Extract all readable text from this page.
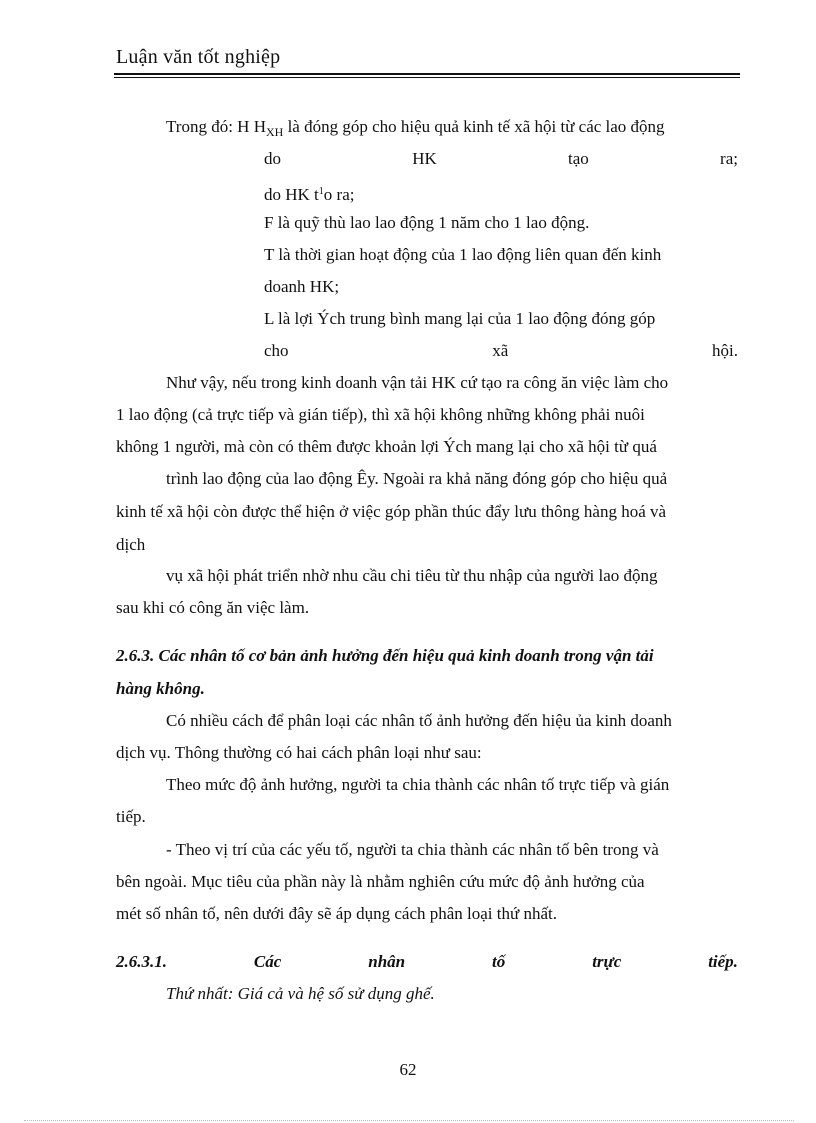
Luận văn tốt nghiệp
Trong đó: H $H_{XH}$ là đóng góp cho hiệu quả kinh tế xã hội từ các lao động
do	HK	tạo	ra;
do HK $t^1o$ ra;
F là quỹ thù lao lao động 1 năm cho 1 lao động.
T là thời gian hoạt động của 1 lao động liên quan đến kinh
doanh HK;
L là lợi Ých trung bình mang lại của 1 lao động đóng góp
cho	xã	hội.
Như vậy, nếu trong kinh doanh vận tải HK cứ tạo ra công ăn việc làm cho
1 lao động (cả trực tiếp và gián tiếp), thì xã hội không những không phải nuôi
không 1 người, mà còn có thêm được khoản lợi Ých mang lại cho xã hội từ quá
trình lao động của lao động Êy. Ngoài ra khả năng đóng góp cho hiệu quả
kinh tế xã hội còn được thể hiện ở việc góp phần thúc đẩy lưu thông hàng hoá và
dịch
vụ xã hội phát triển nhờ nhu cầu chi tiêu từ thu nhập của người lao động
sau khi có công ăn việc làm.
2.6.3. Các nhân tố cơ bản ảnh hưởng đến hiệu quả kinh doanh trong vận tải
hàng không.
Có nhiều cách để phân loại các nhân tố ảnh hưởng đến hiệu ủa kinh doanh
dịch vụ. Thông thường có hai cách phân loại như sau:
Theo mức độ ảnh hưởng, người ta chia thành các nhân tố trực tiếp và gián
tiếp.
- Theo vị trí của các yếu tố, người ta chia thành các nhân tố bên trong và
bên ngoài. Mục tiêu của phần này là nhằm nghiên cứu mức độ ảnh hưởng của
mét số nhân tố, nên dưới đây sẽ áp dụng cách phân loại thứ nhất.
2.6.3.1.	Các	nhân	tố	trực	tiếp.
Thứ nhất: Giá cả và hệ số sử dụng ghế.
62
